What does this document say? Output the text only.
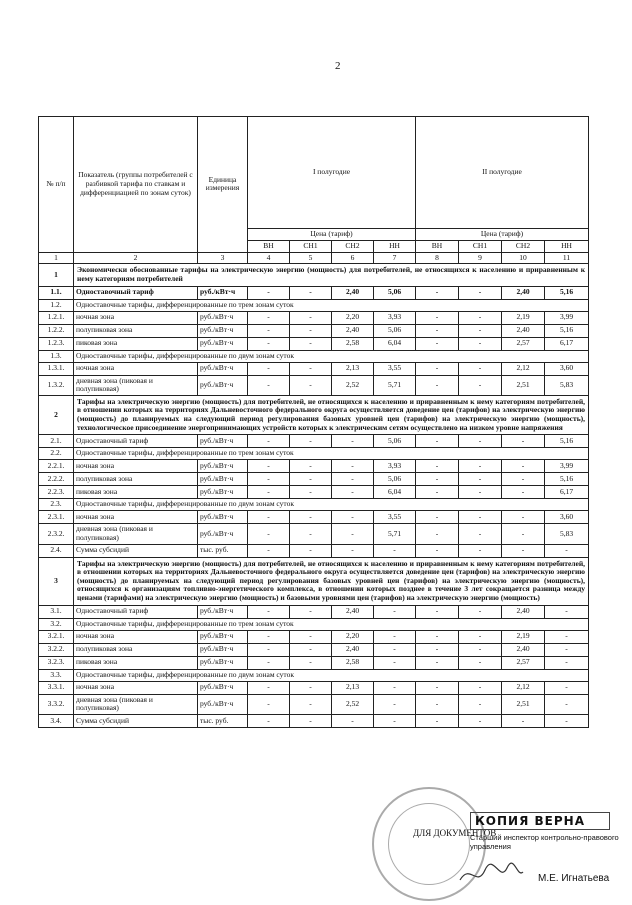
2
№ п/п	Показатель (группы потребителей с разбивкой тарифа по ставкам и дифференциацией по зонам суток)	Единица измерения	I полугодие				II полугодие			
			Цена (тариф)				Цена (тариф)			
			ВН	СН1	СН2	НН	ВН	СН1	СН2	НН
1	2	3	4	5	6	7	8	9	10	11
1	Экономически обоснованные тарифы на электрическую энергию (мощность) для потребителей, не относящихся к населению и приравненным к нему категориям потребителей									
1.1.	Одноставочный тариф	руб./кВт·ч	-	-	2,40	5,06	-	-	2,40	5,16
1.2.	Одноставочные тарифы, дифференцированные по трем зонам суток									
1.2.1.	ночная зона	руб./кВт·ч	-	-	2,20	3,93	-	-	2,19	3,99
1.2.2.	полупиковая зона	руб./кВт·ч	-	-	2,40	5,06	-	-	2,40	5,16
1.2.3.	пиковая зона	руб./кВт·ч	-	-	2,58	6,04	-	-	2,57	6,17
1.3.	Одноставочные тарифы, дифференцированные по двум зонам суток									
1.3.1.	ночная зона	руб./кВт·ч	-	-	2,13	3,55	-	-	2,12	3,60
1.3.2.	дневная зона (пиковая и полупиковая)	руб./кВт·ч	-	-	2,52	5,71	-	-	2,51	5,83
2	Тарифы на электрическую энергию (мощность) для потребителей, не относящихся к населению и приравненным к нему категориям потребителей, в отношении которых на территориях Дальневосточного федерального округа осуществляется доведение цен (тарифов) на электрическую энергию (мощность) до планируемых на следующий период регулирования базовых уровней цен (тарифов) на электрическую энергию (мощность), технологическое присоединение энергопринимающих устройств которых к электрическим сетям осуществлено на низком уровне напряжения									
2.1.	Одноставочный тариф	руб./кВт·ч	-	-	-	5,06	-	-	-	5,16
2.2.	Одноставочные тарифы, дифференцированные по трем зонам суток									
2.2.1.	ночная зона	руб./кВт·ч	-	-	-	3,93	-	-	-	3,99
2.2.2.	полупиковая зона	руб./кВт·ч	-	-	-	5,06	-	-	-	5,16
2.2.3.	пиковая зона	руб./кВт·ч	-	-	-	6,04	-	-	-	6,17
2.3.	Одноставочные тарифы, дифференцированные по двум зонам суток									
2.3.1.	ночная зона	руб./кВт·ч	-	-	-	3,55	-	-	-	3,60
2.3.2.	дневная зона (пиковая и полупиковая)	руб./кВт·ч	-	-	-	5,71	-	-	-	5,83
2.4.	Сумма субсидий	тыс. руб.	-	-	-	-	-	-	-	-
3	Тарифы на электрическую энергию (мощность) для потребителей, не относящихся к населению и приравненным к нему категориям потребителей, в отношении которых на территориях Дальневосточного федерального округа осуществляется доведение цен (тарифов) на электрическую энергию (мощность) до планируемых на следующий период регулирования базовых уровней цен (тарифов) на электрическую энергию (мощность), относящихся к организациям топливно-энергетического комплекса, в отношении которых позднее в течение 3 лет сокращается разница между ценами (тарифами) на электрическую энергию (мощность) и базовыми уровнями цен (тарифов) на электрическую энергию (мощность)									
3.1.	Одноставочный тариф	руб./кВт·ч	-	-	2,40	-	-	-	2,40	-
3.2.	Одноставочные тарифы, дифференцированные по трем зонам суток									
3.2.1.	ночная зона	руб./кВт·ч	-	-	2,20	-	-	-	2,19	-
3.2.2.	полупиковая зона	руб./кВт·ч	-	-	2,40	-	-	-	2,40	-
3.2.3.	пиковая зона	руб./кВт·ч	-	-	2,58	-	-	-	2,57	-
3.3.	Одноставочные тарифы, дифференцированные по двум зонам суток									
3.3.1.	ночная зона	руб./кВт·ч	-	-	2,13	-	-	-	2,12	-
3.3.2.	дневная зона (пиковая и полупиковая)	руб./кВт·ч	-	-	2,52	-	-	-	2,51	-
3.4.	Сумма субсидий	тыс. руб.	-	-	-	-	-	-	-	-
ДЛЯ ДОКУМЕНТОВ
КОПИЯ ВЕРНА
Старший инспектор контрольно-правового управления
М.Е. Игнатьева
